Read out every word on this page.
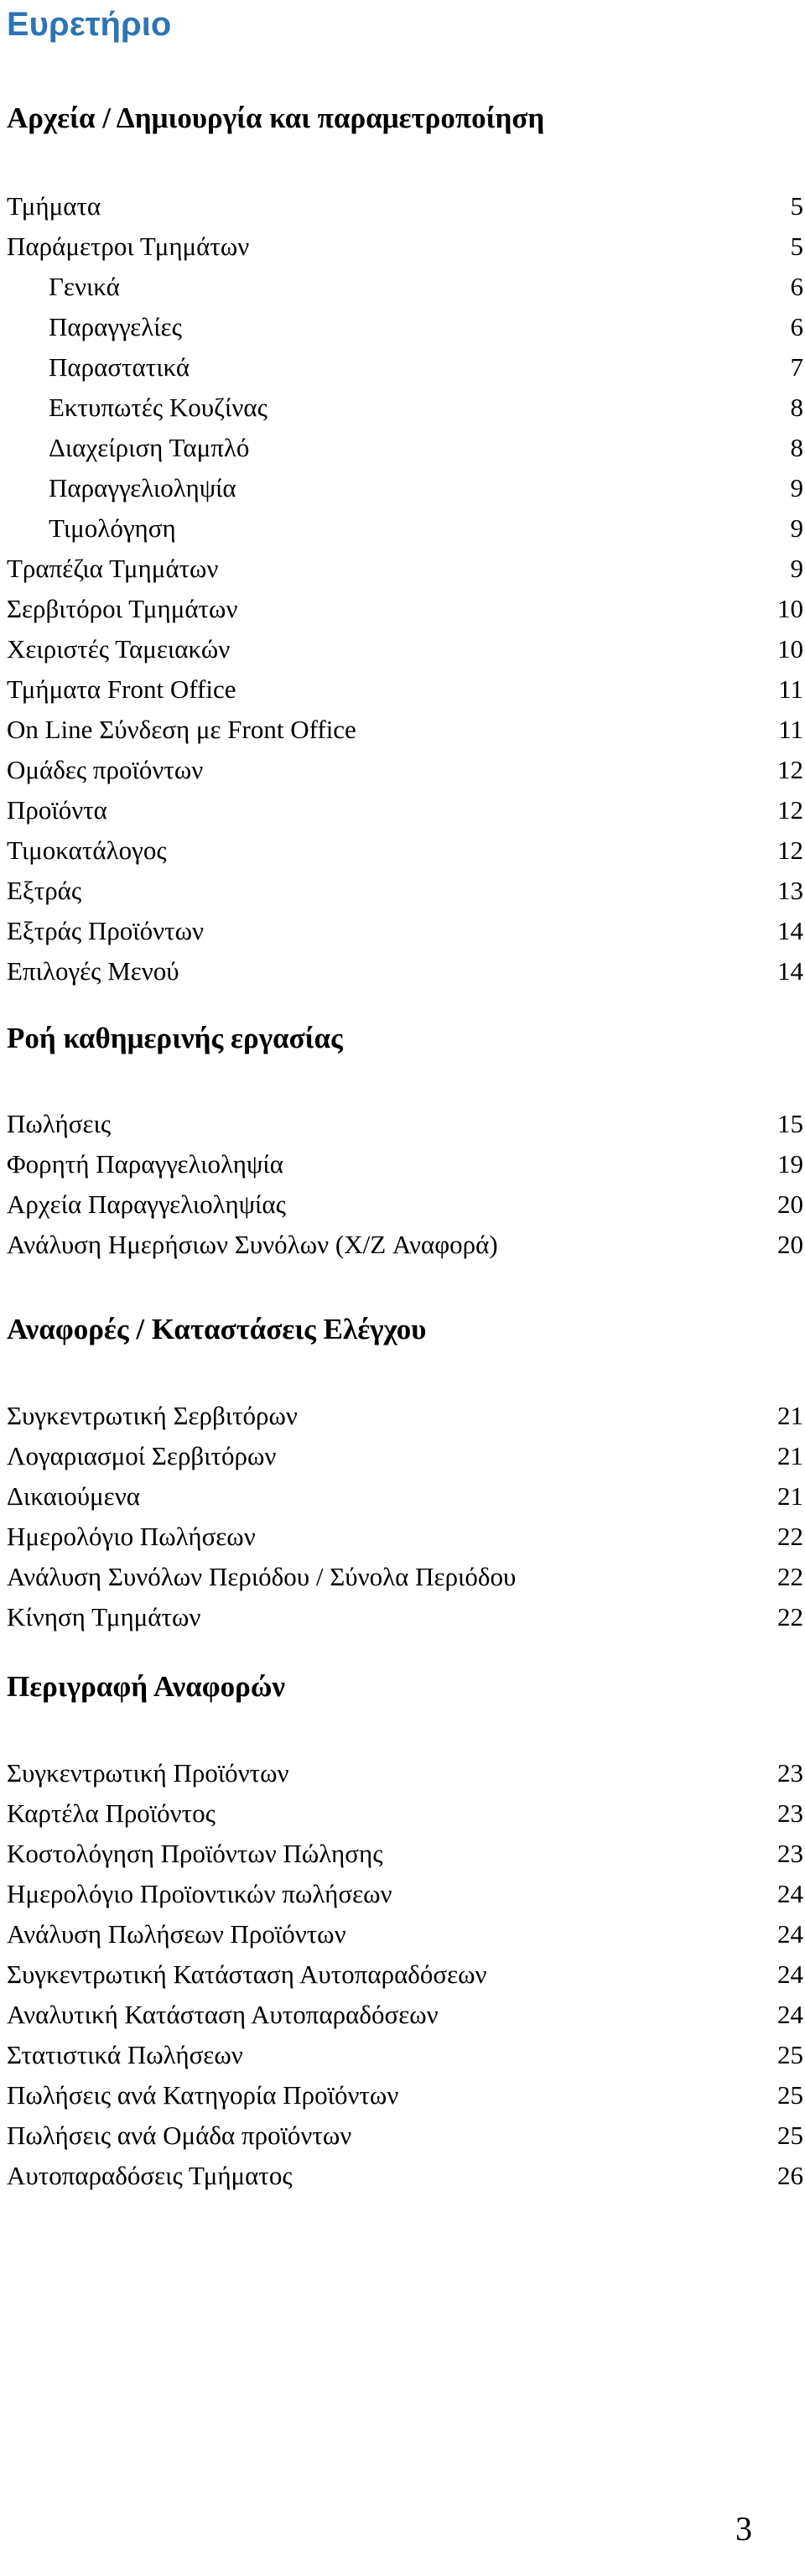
Ευρετήριο
Αρχεία / Δημιουργία και παραμετροποίηση
Τμήματα	5
Παράμετροι Τμημάτων	5
Γενικά	6
Παραγγελίες	6
Παραστατικά	7
Εκτυπωτές Κουζίνας	8
Διαχείριση Ταμπλό	8
Παραγγελιοληψία	9
Τιμολόγηση	9
Τραπέζια Τμημάτων	9
Σερβιτόροι Τμημάτων	10
Χειριστές Ταμειακών	10
Τμήματα Front Office	11
On Line Σύνδεση με Front Office	11
Ομάδες προϊόντων	12
Προϊόντα	12
Τιμοκατάλογος	12
Εξτράς	13
Εξτράς Προϊόντων	14
Επιλογές Μενού	14
Ροή καθημερινής εργασίας
Πωλήσεις	15
Φορητή Παραγγελιοληψία	19
Αρχεία Παραγγελιοληψίας	20
Ανάλυση Ημερήσιων Συνόλων (X/Z Αναφορά)	20
Αναφορές / Καταστάσεις Ελέγχου
Συγκεντρωτική Σερβιτόρων	21
Λογαριασμοί Σερβιτόρων	21
Δικαιούμενα	21
Ημερολόγιο Πωλήσεων	22
Ανάλυση Συνόλων Περιόδου / Σύνολα Περιόδου	22
Κίνηση Τμημάτων	22
Περιγραφή Αναφορών
Συγκεντρωτική Προϊόντων	23
Καρτέλα Προϊόντος	23
Κοστολόγηση Προϊόντων Πώλησης	23
Ημερολόγιο Προϊοντικών πωλήσεων	24
Ανάλυση Πωλήσεων Προϊόντων	24
Συγκεντρωτική Κατάσταση Αυτοπαραδόσεων	24
Αναλυτική Κατάσταση Αυτοπαραδόσεων	24
Στατιστικά Πωλήσεων	25
Πωλήσεις ανά Κατηγορία Προϊόντων	25
Πωλήσεις ανά Ομάδα προϊόντων	25
Αυτοπαραδόσεις Τμήματος	26
3
